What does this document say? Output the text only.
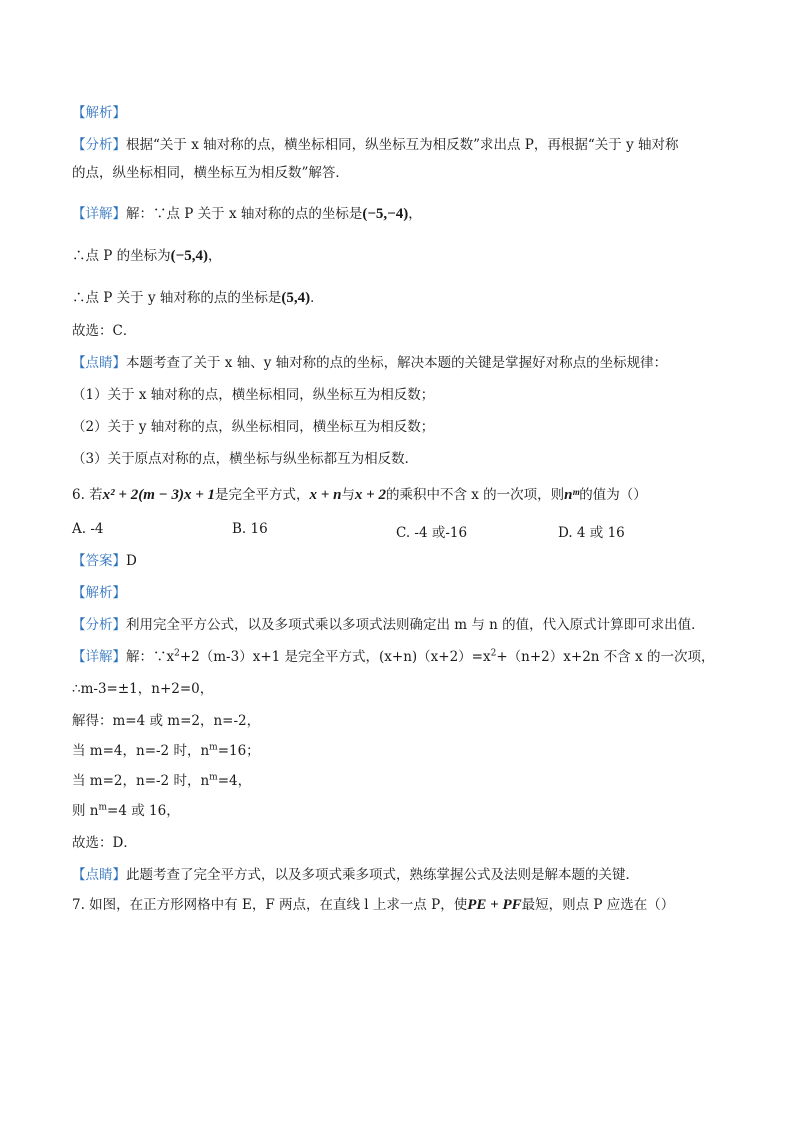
【解析】
【分析】根据“关于 x 轴对称的点，横坐标相同，纵坐标互为相反数”求出点 P，再根据“关于 y 轴对称
的点，纵坐标相同，横坐标互为相反数”解答．
【详解】解：∵点 P 关于 x 轴对称的点的坐标是(−5,−4)，
∴点 P 的坐标为(−5,4)，
∴点 P 关于 y 轴对称的点的坐标是(5,4)．
故选：C．
【点睛】本题考查了关于 x 轴、y 轴对称的点的坐标，解决本题的关键是掌握好对称点的坐标规律：
（1）关于 x 轴对称的点，横坐标相同，纵坐标互为相反数；
（2）关于 y 轴对称的点，纵坐标相同，横坐标互为相反数；
（3）关于原点对称的点，横坐标与纵坐标都互为相反数．
6. 若x² + 2(m − 3)x + 1是完全平方式，x + n与x + 2的乘积中不含 x 的一次项，则nᵐ的值为（）
A. -4	B. 16	C. -4 或-16	D. 4 或 16
【答案】D
【解析】
【分析】利用完全平方公式，以及多项式乘以多项式法则确定出 m 与 n 的值，代入原式计算即可求出值．
【详解】解：$\because x^2+2(m-3)x+1$ 是完全平方式，$(x+n)(x+2)=x^2+(n+2)x+2n$ 不含 x 的一次项，
∴m-3=±1，n+2=0，
解得：m=4 或 m=2，n=-2，
当 m=4，n=-2 时，$n^m=16$；
当 m=2，n=-2 时，$n^m=4$，
则 $n^m=4$ 或 16，
故选：D．
【点睛】此题考查了完全平方式，以及多项式乘多项式，熟练掌握公式及法则是解本题的关键．
7. 如图，在正方形网格中有 E，F 两点，在直线 l 上求一点 P，使PE + PF最短，则点 P 应选在（）
